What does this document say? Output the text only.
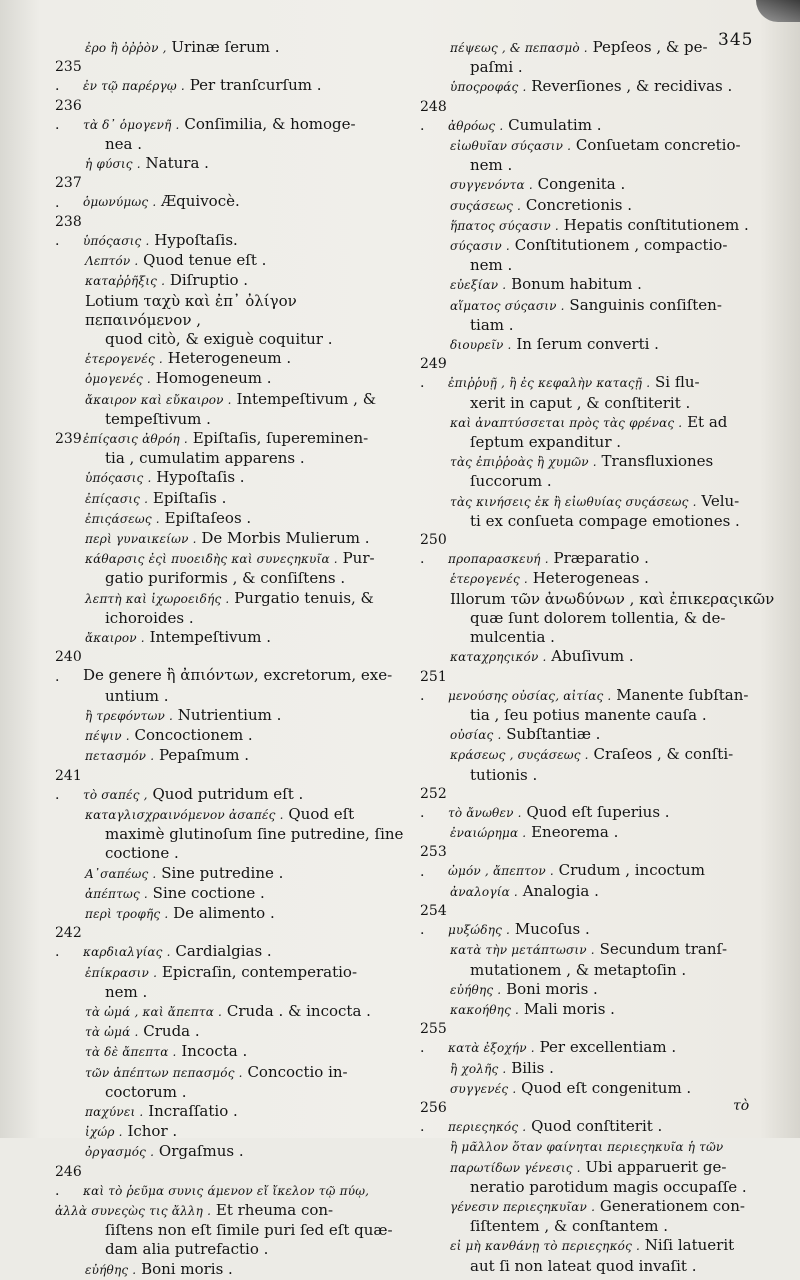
345

ἐρο ἢ ὀῤῥὸν , Urinæ ſerum .

235. ἐν τῷ παρέργῳ . Per tranſcurſum .

236. τὰ δ᾽ ὁμογενῆ . Conſimilia, & homoge-
nea .

ἡ φύσις . Natura .

237. ὁμωνύμως . Æquivocè.

238. ὑπόςασις . Hypoſtaſis.

Λεπτόν . Quod tenue eſt .

καταῤῥῆξις . Diſruptio .

Lotium ταχὺ καὶ ἐπ᾽ ὀλίγον πεπαινόμενον ,
quod citò, & exiguè coquitur .

ἑτερογενές . Heterogeneum .

ὁμογενές . Homogeneum .

ἄκαιρον καὶ εὔκαιρον . Intempeſtivum , &
tempeſtivum .

239ἐπίςασις ἀθρόη . Epiſtaſis, ſupereminen-
tia , cumulatim apparens .

ὑπόςασις . Hypoſtaſis .

ἐπίςασις . Epiſtaſis .

ἐπιςάσεως . Epiſtaſeos .

περὶ γυναικείων . De Morbis Mulierum .

κάθαρσις ἐςὶ πυοειδὴς καὶ συνεςηκυῖα . Pur-
gatio puriformis , & conſiſtens .

λεπτὴ καὶ ἰχωροειδής . Purgatio tenuis, &
ichoroides .

ἄκαιρον . Intempeſtivum .

240. De genere ἢ ἀπιόντων, excretorum, exe-
untium .

ἢ τρεφόντων . Nutrientium .

πέψιν . Concoctionem .

πετασμόν . Pepaſmum .

241. τὸ σαπές , Quod putridum eſt .

καταγλισχραινόμενον ἀσαπές . Quod eſt
maximè glutinoſum ſine putredine, ſine coctione .

Α᾽σαπέως . Sine putredine .

ἀπέπτως . Sine coctione .

περὶ τροφῆς . De alimento .

242. καρδιαλγίας . Cardialgias .

ἐπίκρασιν . Epicraſin, contemperatio-
nem .

τὰ ὠμά , καὶ ἄπεπτα . Cruda . & incocta .

τὰ ὠμά . Cruda .

τὰ δὲ ἄπεπτα . Incocta .

τῶν ἀπέπτων πεπασμός . Concoctio in-
coctorum .

παχύνει . Incraſſatio .

ἰχώρ . Ichor .

ὀργασμός . Orgaſmus .

246. καὶ τὸ ῥεῦμα συνις άμενον εἴ ἴκελον τῷ πύῳ, ἀλλὰ συνεςὼς τις ἄλλη . Et rheuma con-
ſiſtens non eſt ſimile puri ſed eſt quæ- dam alia putrefactio .

εὐήθης . Boni moris .

πέψεως , & πεπασμὸ . Pepſeos , & pe-
paſmi .

ὑποςροφάς . Reverſiones , & recidivas .

248. ἀθρόως . Cumulatim .

εἰωθυῖαν σύςασιν . Conſuetam concretio-
nem .

συγγενόντα . Congenita .

συςάσεως . Concretionis .

ἥπατος σύςασιν . Hepatis conſtitutionem .

σύςασιν . Conſtitutionem , compactio-
nem .

εὐεξίαν . Bonum habitum .

αἵματος σύςασιν . Sanguinis conſiſten-
tiam .

διουρεῖν . In ſerum converti .

249. ἐπιῤῥυῇ , ἢ ἐς κεφαλὴν καταςῇ . Si flu-
xerit in caput , & conſtiterit .

καὶ ἀναπτύσσεται πρὸς τὰς φρένας . Et ad
ſeptum expanditur .

τὰς ἐπιῤῥοὰς ἢ χυμῶν . Transfluxiones
ſuccorum .

τὰς κινήσεις ἐκ ἢ εἰωθυίας συςάσεως . Velu-
ti ex conſueta compage emotiones .

250. προπαρασκευή . Præparatio .

ἑτερογενές . Heterogeneas .

Illorum τῶν ἀνωδύνων , καὶ ἐπικεραςικῶν
quæ ſunt dolorem tollentia, & de- mulcentia .

καταχρηςικόν . Abuſivum .

251. μενούσης οὐσίας, αἰτίας . Manente ſubſtan-
tia , ſeu potius manente cauſa .

οὐσίας . Subſtantiæ .

κράσεως , συςάσεως . Craſeos , & conſti-
tutionis .

252. τὸ ἄνωθεν . Quod eſt ſuperius .

ἐναιώρημα . Eneorema .

253. ὠμόν , ἄπεπτον . Crudum , incoctum

ἀναλογία . Analogia .

254. μυξώδης . Mucoſus .

κατὰ τὴν μετάπτωσιν . Secundum tranſ-
mutationem , & metaptoſin .

εὐήθης . Boni moris .

κακοήθης . Mali moris .

255. κατὰ ἐξοχήν . Per excellentiam .

ἢ χολῆς . Bilis .

συγγενές . Quod eſt congenitum .

256. περιεςηκός . Quod conſtiterit .

ἢ μᾶλλον ὅταν φαίνηται περιεςηκυῖα ἡ τῶν παρωτίδων γένεσις . Ubi apparuerit ge-
neratio parotidum magis occupaſſe .

γένεσιν περιεςηκυῖαν . Generationem con-
ſiſtentem , & conſtantem .

εἰ μὴ κανθάνῃ τὸ περιεςηκός . Niſi latuerit
aut ſi non lateat quod invaſit .

τὸ
